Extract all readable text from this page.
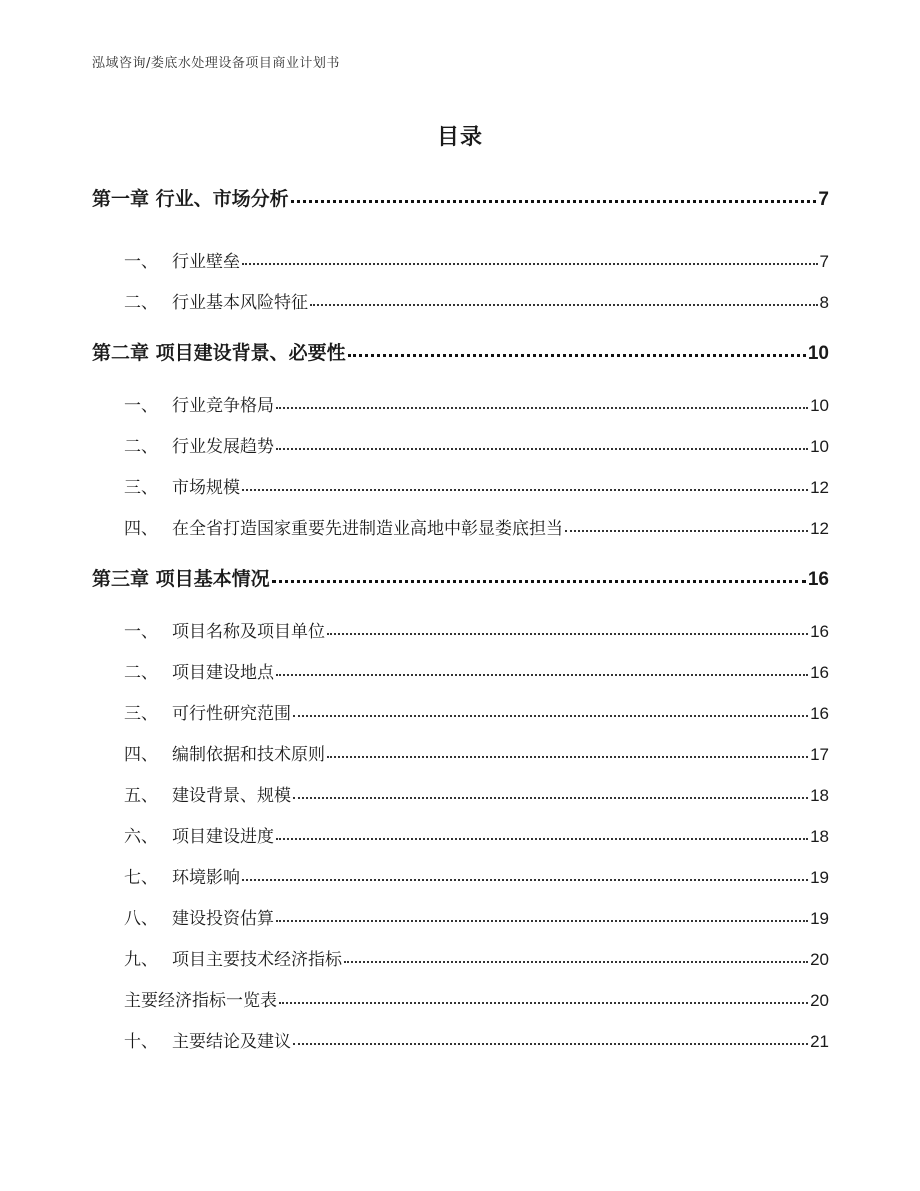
泓域咨询/娄底水处理设备项目商业计划书
目录
第一章 行业、市场分析	7
一、 行业壁垒	7
二、 行业基本风险特征	8
第二章 项目建设背景、必要性	10
一、 行业竞争格局	10
二、 行业发展趋势	10
三、 市场规模	12
四、 在全省打造国家重要先进制造业高地中彰显娄底担当	12
第三章 项目基本情况	16
一、 项目名称及项目单位	16
二、 项目建设地点	16
三、 可行性研究范围	16
四、 编制依据和技术原则	17
五、 建设背景、规模	18
六、 项目建设进度	18
七、 环境影响	19
八、 建设投资估算	19
九、 项目主要技术经济指标	20
主要经济指标一览表	20
十、 主要结论及建议	21
